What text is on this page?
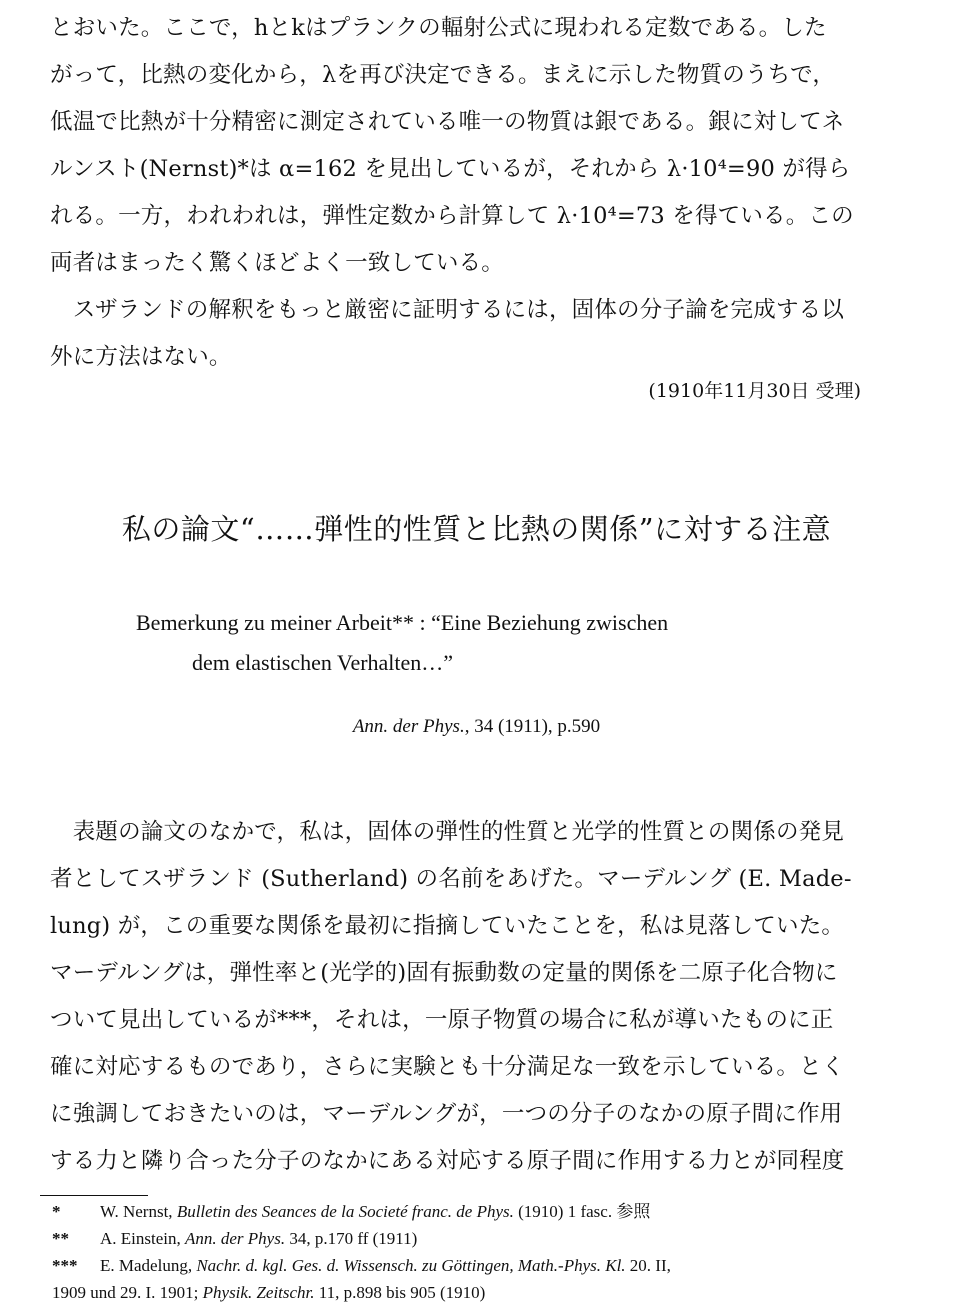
とおいた。ここで，hとkはプランクの輻射公式に現われる定数である。した
がって，比熱の変化から，λを再び決定できる。まえに示した物質のうちで，
低温で比熱が十分精密に測定されている唯一の物質は銀である。銀に対してネ
ルンスト(Nernst)*は α=162 を見出しているが，それから λ·10⁴=90 が得ら
れる。一方，われわれは，弾性定数から計算して λ·10⁴=73 を得ている。この
両者はまったく驚くほどよく一致している。
　スザランドの解釈をもっと厳密に証明するには，固体の分子論を完成する以
外に方法はない。
(1910年11月30日 受理)
私の論文“……弾性的性質と比熱の関係”に対する注意
Bemerkung zu meiner Arbeit** : “Eine Beziehung zwischen
dem elastischen Verhalten…”
Ann. der Phys., 34 (1911), p.590
　表題の論文のなかで，私は，固体の弾性的性質と光学的性質との関係の発見
者としてスザランド (Sutherland) の名前をあげた。マーデルング (E. Made-
lung) が，この重要な関係を最初に指摘していたことを，私は見落していた。
マーデルングは，弾性率と(光学的)固有振動数の定量的関係を二原子化合物に
ついて見出しているが***，それは，一原子物質の場合に私が導いたものに正
確に対応するものであり，さらに実験とも十分満足な一致を示している。とく
に強調しておきたいのは，マーデルングが，一つの分子のなかの原子間に作用
する力と隣り合った分子のなかにある対応する原子間に作用する力とが同程度
* W. Nernst, Bulletin des Seances de la Societé franc. de Phys. (1910) 1 fasc. 参照
** A. Einstein, Ann. der Phys. 34, p.170 ff (1911)
*** E. Madelung, Nachr. d. kgl. Ges. d. Wissensch. zu Göttingen, Math.-Phys. Kl. 20. II,
1909 und 29. I. 1901; Physik. Zeitschr. 11, p.898 bis 905 (1910)
